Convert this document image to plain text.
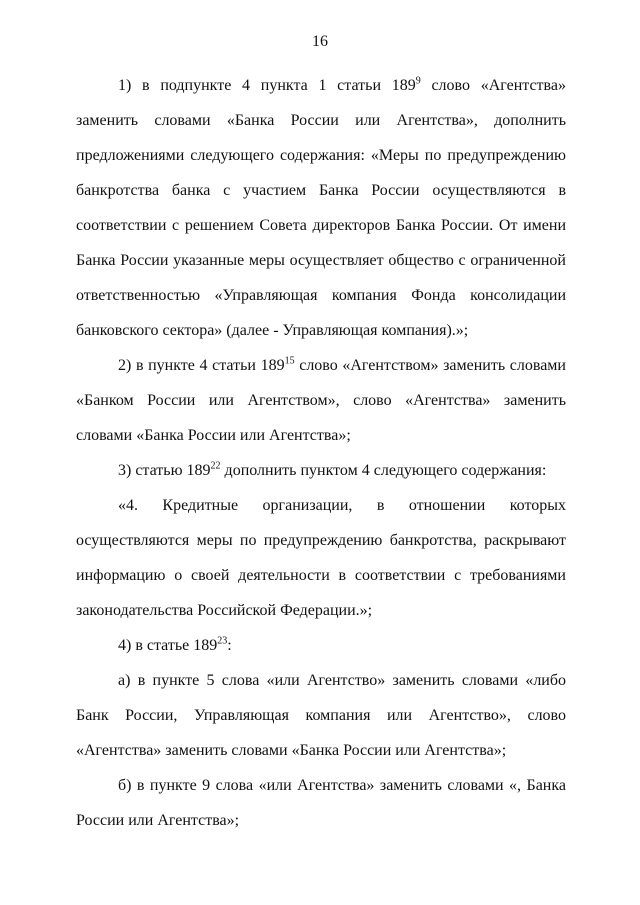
16

1) в подпункте 4 пункта 1 статьи $189^9$ слово «Агентства» заменить словами «Банка России или Агентства», дополнить предложениями следующего содержания: «Меры по предупреждению банкротства банка с участием Банка России осуществляются в соответствии с решением Совета директоров Банка России. От имени Банка России указанные меры осуществляет общество с ограниченной ответственностью «Управляющая компания Фонда консолидации банковского сектора» (далее - Управляющая компания).»;

2) в пункте 4 статьи $189^{15}$ слово «Агентством» заменить словами «Банком России или Агентством», слово «Агентства» заменить словами «Банка России или Агентства»;

3) статью $189^{22}$ дополнить пунктом 4 следующего содержания:

«4. Кредитные организации, в отношении которых осуществляются меры по предупреждению банкротства, раскрывают информацию о своей деятельности в соответствии с требованиями законодательства Российской Федерации.»;

4) в статье $189^{23}$:

а) в пункте 5 слова «или Агентство» заменить словами «либо Банк России, Управляющая компания или Агентство», слово «Агентства» заменить словами «Банка России или Агентства»;

б) в пункте 9 слова «или Агентства» заменить словами «, Банка России или Агентства»;
